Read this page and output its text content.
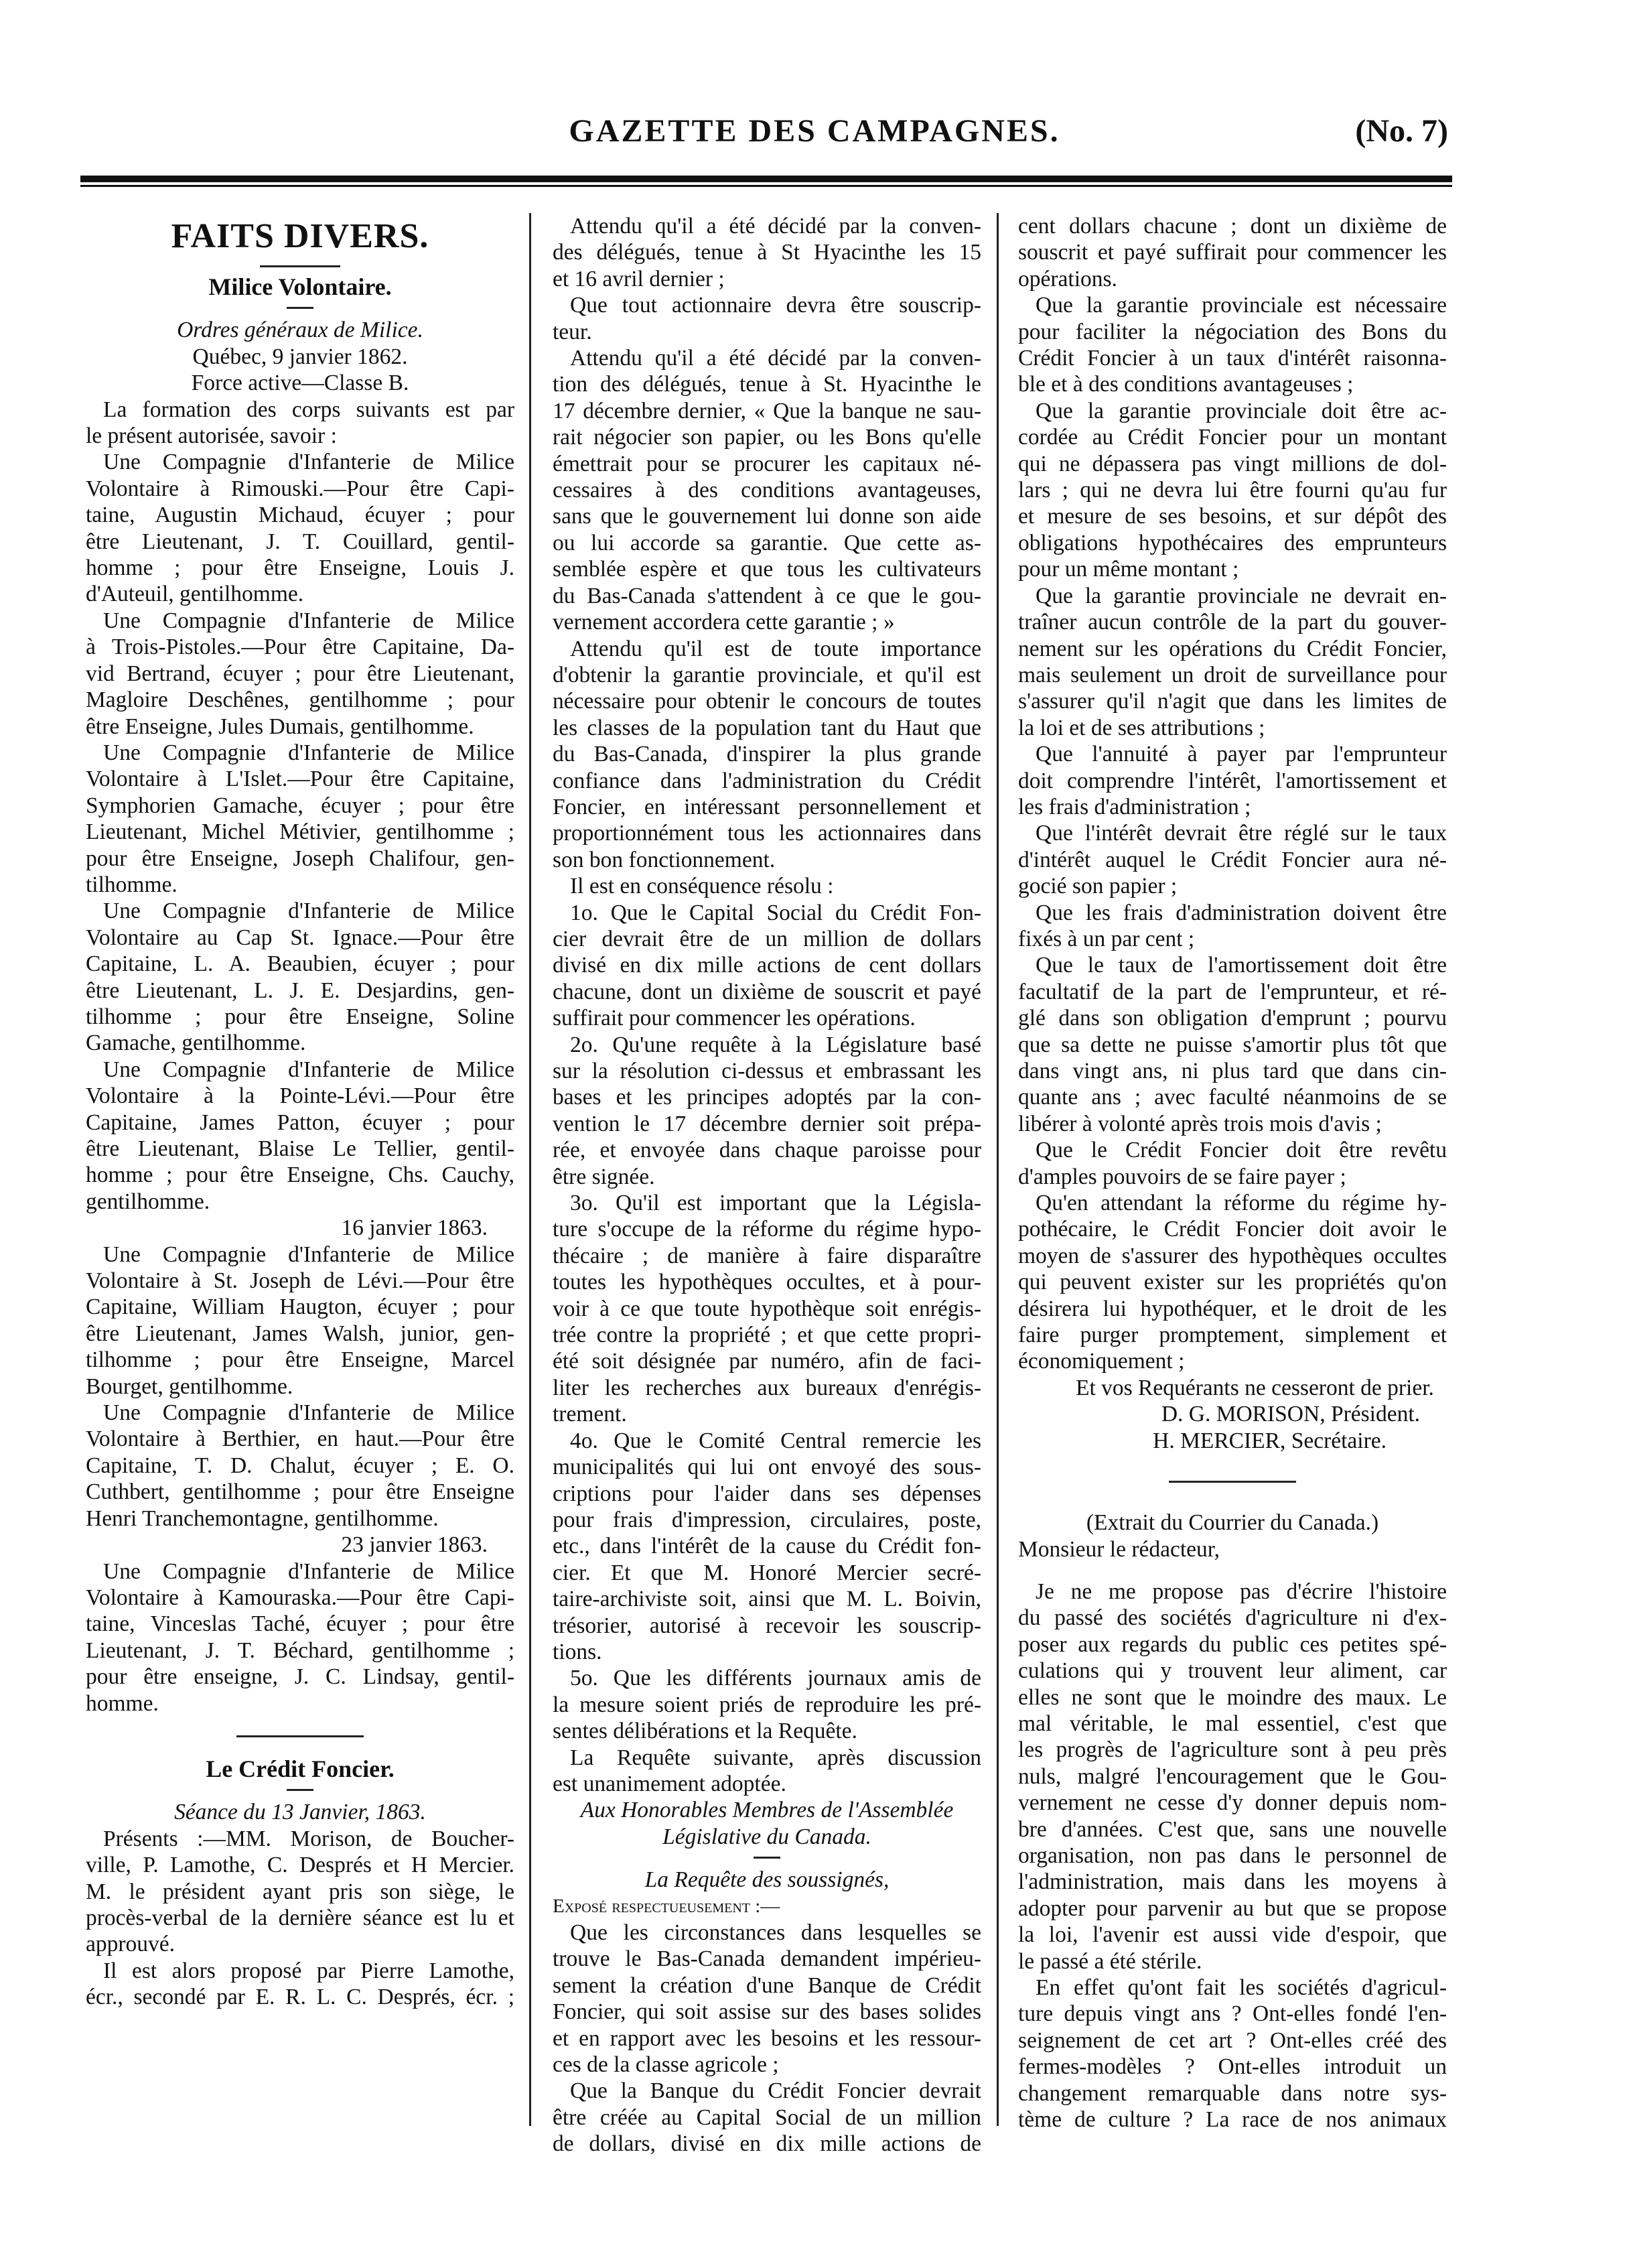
GAZETTE DES CAMPAGNES.	(No. 7)

FAITS DIVERS.

Milice Volontaire.

Ordres généraux de Milice.

Québec, 9 janvier 1862.

Force active—Classe B.

La formation des corps suivants est par

le présent autorisée, savoir :

Une Compagnie d'Infanterie de Milice

Volontaire à Rimouski.—Pour être Capi-

taine, Augustin Michaud, écuyer ; pour

être Lieutenant, J. T. Couillard, gentil-

homme ; pour être Enseigne, Louis J.

d'Auteuil, gentilhomme.

Une Compagnie d'Infanterie de Milice

à Trois-Pistoles.—Pour être Capitaine, Da-

vid Bertrand, écuyer ; pour être Lieutenant,

Magloire Deschênes, gentilhomme ; pour

être Enseigne, Jules Dumais, gentilhomme.

Une Compagnie d'Infanterie de Milice

Volontaire à L'Islet.—Pour être Capitaine,

Symphorien Gamache, écuyer ; pour être

Lieutenant, Michel Métivier, gentilhomme ;

pour être Enseigne, Joseph Chalifour, gen-

tilhomme.

Une Compagnie d'Infanterie de Milice

Volontaire au Cap St. Ignace.—Pour être

Capitaine, L. A. Beaubien, écuyer ; pour

être Lieutenant, L. J. E. Desjardins, gen-

tilhomme ; pour être Enseigne, Soline

Gamache, gentilhomme.

Une Compagnie d'Infanterie de Milice

Volontaire à la Pointe-Lévi.—Pour être

Capitaine, James Patton, écuyer ; pour

être Lieutenant, Blaise Le Tellier, gentil-

homme ; pour être Enseigne, Chs. Cauchy,

gentilhomme.

16 janvier 1863.

Une Compagnie d'Infanterie de Milice

Volontaire à St. Joseph de Lévi.—Pour être

Capitaine, William Haugton, écuyer ; pour

être Lieutenant, James Walsh, junior, gen-

tilhomme ; pour être Enseigne, Marcel

Bourget, gentilhomme.

Une Compagnie d'Infanterie de Milice

Volontaire à Berthier, en haut.—Pour être

Capitaine, T. D. Chalut, écuyer ; E. O.

Cuthbert, gentilhomme ; pour être Enseigne

Henri Tranchemontagne, gentilhomme.

23 janvier 1863.

Une Compagnie d'Infanterie de Milice

Volontaire à Kamouraska.—Pour être Capi-

taine, Vinceslas Taché, écuyer ; pour être

Lieutenant, J. T. Béchard, gentilhomme ;

pour être enseigne, J. C. Lindsay, gentil-

homme.

Le Crédit Foncier.

Séance du 13 Janvier, 1863.

Présents :—MM. Morison, de Boucher-

ville, P. Lamothe, C. Després et H Mercier.

M. le président ayant pris son siège, le

procès-verbal de la dernière séance est lu et

approuvé.

Il est alors proposé par Pierre Lamothe,

écr., secondé par E. R. L. C. Després, écr. ;

Attendu qu'il a été décidé par la conven-

des délégués, tenue à St Hyacinthe les 15

et 16 avril dernier ;

Que tout actionnaire devra être souscrip-

teur.

Attendu qu'il a été décidé par la conven-

tion des délégués, tenue à St. Hyacinthe le

17 décembre dernier, « Que la banque ne sau-

rait négocier son papier, ou les Bons qu'elle

émettrait pour se procurer les capitaux né-

cessaires à des conditions avantageuses,

sans que le gouvernement lui donne son aide

ou lui accorde sa garantie. Que cette as-

semblée espère et que tous les cultivateurs

du Bas-Canada s'attendent à ce que le gou-

vernement accordera cette garantie ; »

Attendu qu'il est de toute importance

d'obtenir la garantie provinciale, et qu'il est

nécessaire pour obtenir le concours de toutes

les classes de la population tant du Haut que

du Bas-Canada, d'inspirer la plus grande

confiance dans l'administration du Crédit

Foncier, en intéressant personnellement et

proportionnément tous les actionnaires dans

son bon fonctionnement.

Il est en conséquence résolu :

1o. Que le Capital Social du Crédit Fon-

cier devrait être de un million de dollars

divisé en dix mille actions de cent dollars

chacune, dont un dixième de souscrit et payé

suffirait pour commencer les opérations.

2o. Qu'une requête à la Législature basé

sur la résolution ci-dessus et embrassant les

bases et les principes adoptés par la con-

vention le 17 décembre dernier soit prépa-

rée, et envoyée dans chaque paroisse pour

être signée.

3o. Qu'il est important que la Législa-

ture s'occupe de la réforme du régime hypo-

thécaire ; de manière à faire disparaître

toutes les hypothèques occultes, et à pour-

voir à ce que toute hypothèque soit enrégis-

trée contre la propriété ; et que cette propri-

été soit désignée par numéro, afin de faci-

liter les recherches aux bureaux d'enrégis-

trement.

4o. Que le Comité Central remercie les

municipalités qui lui ont envoyé des sous-

criptions pour l'aider dans ses dépenses

pour frais d'impression, circulaires, poste,

etc., dans l'intérêt de la cause du Crédit fon-

cier. Et que M. Honoré Mercier secré-

taire-archiviste soit, ainsi que M. L. Boivin,

trésorier, autorisé à recevoir les souscrip-

tions.

5o. Que les différents journaux amis de

la mesure soient priés de reproduire les pré-

sentes délibérations et la Requête.

La Requête suivante, après discussion

est unanimement adoptée.

Aux Honorables Membres de l'Assemblée

Législative du Canada.

La Requête des soussignés,

Exposé respectueusement :—

Que les circonstances dans lesquelles se

trouve le Bas-Canada demandent impérieu-

sement la création d'une Banque de Crédit

Foncier, qui soit assise sur des bases solides

et en rapport avec les besoins et les ressour-

ces de la classe agricole ;

Que la Banque du Crédit Foncier devrait

être créée au Capital Social de un million

de dollars, divisé en dix mille actions de

cent dollars chacune ; dont un dixième de

souscrit et payé suffirait pour commencer les

opérations.

Que la garantie provinciale est nécessaire

pour faciliter la négociation des Bons du

Crédit Foncier à un taux d'intérêt raisonna-

ble et à des conditions avantageuses ;

Que la garantie provinciale doit être ac-

cordée au Crédit Foncier pour un montant

qui ne dépassera pas vingt millions de dol-

lars ; qui ne devra lui être fourni qu'au fur

et mesure de ses besoins, et sur dépôt des

obligations hypothécaires des emprunteurs

pour un même montant ;

Que la garantie provinciale ne devrait en-

traîner aucun contrôle de la part du gouver-

nement sur les opérations du Crédit Foncier,

mais seulement un droit de surveillance pour

s'assurer qu'il n'agit que dans les limites de

la loi et de ses attributions ;

Que l'annuité à payer par l'emprunteur

doit comprendre l'intérêt, l'amortissement et

les frais d'administration ;

Que l'intérêt devrait être réglé sur le taux

d'intérêt auquel le Crédit Foncier aura né-

gocié son papier ;

Que les frais d'administration doivent être

fixés à un par cent ;

Que le taux de l'amortissement doit être

facultatif de la part de l'emprunteur, et ré-

glé dans son obligation d'emprunt ; pourvu

que sa dette ne puisse s'amortir plus tôt que

dans vingt ans, ni plus tard que dans cin-

quante ans ; avec faculté néanmoins de se

libérer à volonté après trois mois d'avis ;

Que le Crédit Foncier doit être revêtu

d'amples pouvoirs de se faire payer ;

Qu'en attendant la réforme du régime hy-

pothécaire, le Crédit Foncier doit avoir le

moyen de s'assurer des hypothèques occultes

qui peuvent exister sur les propriétés qu'on

désirera lui hypothéquer, et le droit de les

faire purger promptement, simplement et

économiquement ;

Et vos Requérants ne cesseront de prier.

D. G. MORISON, Président.

H. MERCIER, Secrétaire.

(Extrait du Courrier du Canada.)

Monsieur le rédacteur,

Je ne me propose pas d'écrire l'histoire

du passé des sociétés d'agriculture ni d'ex-

poser aux regards du public ces petites spé-

culations qui y trouvent leur aliment, car

elles ne sont que le moindre des maux. Le

mal véritable, le mal essentiel, c'est que

les progrès de l'agriculture sont à peu près

nuls, malgré l'encouragement que le Gou-

vernement ne cesse d'y donner depuis nom-

bre d'années. C'est que, sans une nouvelle

organisation, non pas dans le personnel de

l'administration, mais dans les moyens à

adopter pour parvenir au but que se propose

la loi, l'avenir est aussi vide d'espoir, que

le passé a été stérile.

En effet qu'ont fait les sociétés d'agricul-

ture depuis vingt ans ? Ont-elles fondé l'en-

seignement de cet art ? Ont-elles créé des

fermes-modèles ? Ont-elles introduit un

changement remarquable dans notre sys-

tème de culture ? La race de nos animaux
